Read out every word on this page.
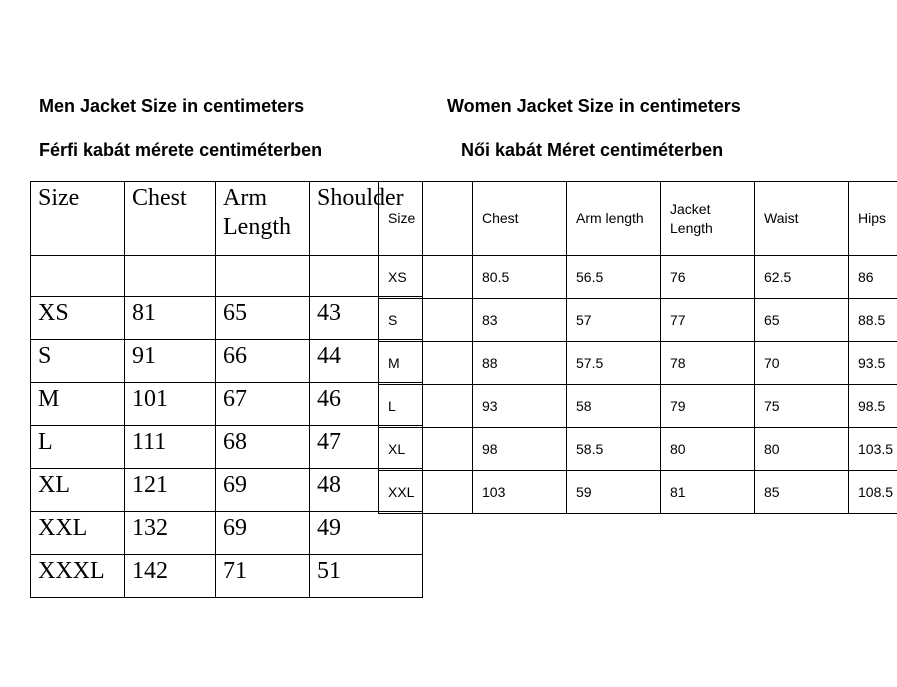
Men Jacket Size in centimeters	Women Jacket Size in centimeters
Férfi kabát mérete centiméterben	Női kabát Méret centiméterben
Size	Chest	Arm Length	Shoulder

XS	81	65	43
S	91	66	44
M	101	67	46
L	111	68	47
XL	121	69	48
XXL	132	69	49
XXXL	142	71	51
Size	Chest	Arm length	Jacket Length	Waist	Hips
XS	80.5	56.5	76	62.5	86
S	83	57	77	65	88.5
M	88	57.5	78	70	93.5
L	93	58	79	75	98.5
XL	98	58.5	80	80	103.5
XXL	103	59	81	85	108.5
